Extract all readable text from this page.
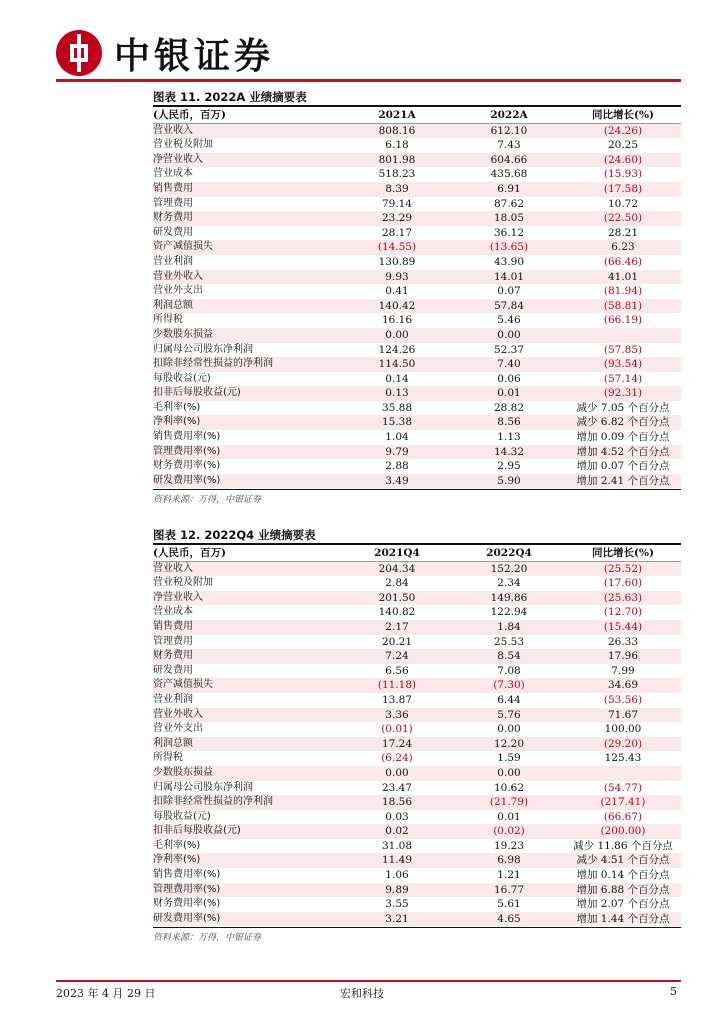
中银证券
图表 11. 2022A 业绩摘要表
(人民币，百万)	2021A	2022A	同比增长(%)
营业收入	808.16	612.10	(24.26)
营业税及附加	6.18	7.43	20.25
净营业收入	801.98	604.66	(24.60)
营业成本	518.23	435.68	(15.93)
销售费用	8.39	6.91	(17.58)
管理费用	79.14	87.62	10.72
财务费用	23.29	18.05	(22.50)
研发费用	28.17	36.12	28.21
资产减值损失	(14.55)	(13.65)	6.23
营业利润	130.89	43.90	(66.46)
营业外收入	9.93	14.01	41.01
营业外支出	0.41	0.07	(81.94)
利润总额	140.42	57.84	(58.81)
所得税	16.16	5.46	(66.19)
少数股东损益	0.00	0.00	
归属母公司股东净利润	124.26	52.37	(57.85)
扣除非经常性损益的净利润	114.50	7.40	(93.54)
每股收益(元)	0.14	0.06	(57.14)
扣非后每股收益(元)	0.13	0.01	(92.31)
毛利率(%)	35.88	28.82	减少 7.05 个百分点
净利率(%)	15.38	8.56	减少 6.82 个百分点
销售费用率(%)	1.04	1.13	增加 0.09 个百分点
管理费用率(%)	9.79	14.32	增加 4.52 个百分点
财务费用率(%)	2.88	2.95	增加 0.07 个百分点
研发费用率(%)	3.49	5.90	增加 2.41 个百分点
资料来源：万得，中银证券
图表 12. 2022Q4 业绩摘要表
(人民币，百万)	2021Q4	2022Q4	同比增长(%)
营业收入	204.34	152.20	(25.52)
营业税及附加	2.84	2.34	(17.60)
净营业收入	201.50	149.86	(25.63)
营业成本	140.82	122.94	(12.70)
销售费用	2.17	1.84	(15.44)
管理费用	20.21	25.53	26.33
财务费用	7.24	8.54	17.96
研发费用	6.56	7.08	7.99
资产减值损失	(11.18)	(7.30)	34.69
营业利润	13.87	6.44	(53.56)
营业外收入	3.36	5.76	71.67
营业外支出	(0.01)	0.00	100.00
利润总额	17.24	12.20	(29.20)
所得税	(6.24)	1.59	125.43
少数股东损益	0.00	0.00	
归属母公司股东净利润	23.47	10.62	(54.77)
扣除非经常性损益的净利润	18.56	(21.79)	(217.41)
每股收益(元)	0.03	0.01	(66.67)
扣非后每股收益(元)	0.02	(0.02)	(200.00)
毛利率(%)	31.08	19.23	减少 11.86 个百分点
净利率(%)	11.49	6.98	减少 4.51 个百分点
销售费用率(%)	1.06	1.21	增加 0.14 个百分点
管理费用率(%)	9.89	16.77	增加 6.88 个百分点
财务费用率(%)	3.55	5.61	增加 2.07 个百分点
研发费用率(%)	3.21	4.65	增加 1.44 个百分点
资料来源：万得，中银证券
2023 年 4 月 29 日	宏和科技	5
